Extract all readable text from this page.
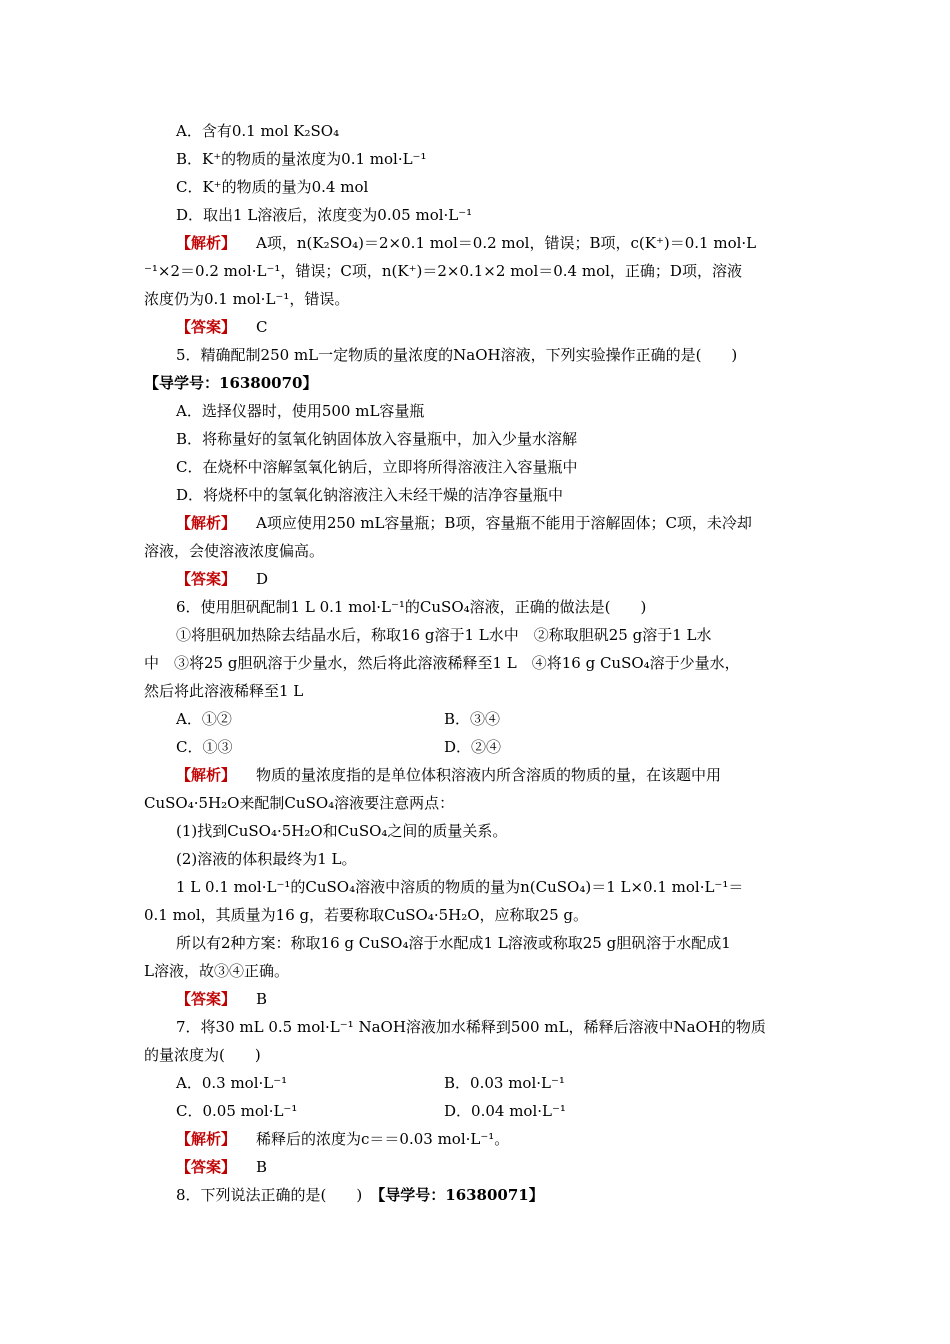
A．含有0.1 mol K₂SO₄
B．K⁺的物质的量浓度为0.1 mol·L⁻¹
C．K⁺的物质的量为0.4 mol
D．取出1 L溶液后，浓度变为0.05 mol·L⁻¹
【解析】 A项，n(K₂SO₄)＝2×0.1 mol＝0.2 mol，错误；B项，c(K⁺)＝0.1 mol·L
⁻¹×2＝0.2 mol·L⁻¹，错误；C项，n(K⁺)＝2×0.1×2 mol＝0.4 mol，正确；D项，溶液
浓度仍为0.1 mol·L⁻¹，错误。
【答案】 C
5．精确配制250 mL一定物质的量浓度的NaOH溶液，下列实验操作正确的是(　　)
【导学号：16380070】
A．选择仪器时，使用500 mL容量瓶
B．将称量好的氢氧化钠固体放入容量瓶中，加入少量水溶解
C．在烧杯中溶解氢氧化钠后，立即将所得溶液注入容量瓶中
D．将烧杯中的氢氧化钠溶液注入未经干燥的洁净容量瓶中
【解析】 A项应使用250 mL容量瓶；B项，容量瓶不能用于溶解固体；C项，未冷却
溶液，会使溶液浓度偏高。
【答案】 D
6．使用胆矾配制1 L 0.1 mol·L⁻¹的CuSO₄溶液，正确的做法是(　　)
①将胆矾加热除去结晶水后，称取16 g溶于1 L水中　②称取胆矾25 g溶于1 L水
中　③将25 g胆矾溶于少量水，然后将此溶液稀释至1 L　④将16 g CuSO₄溶于少量水，
然后将此溶液稀释至1 L
A．①②	B．③④
C．①③	D．②④
【解析】 物质的量浓度指的是单位体积溶液内所含溶质的物质的量，在该题中用
CuSO₄·5H₂O来配制CuSO₄溶液要注意两点：
(1)找到CuSO₄·5H₂O和CuSO₄之间的质量关系。
(2)溶液的体积最终为1 L。
1 L 0.1 mol·L⁻¹的CuSO₄溶液中溶质的物质的量为n(CuSO₄)＝1 L×0.1 mol·L⁻¹＝
0.1 mol，其质量为16 g，若要称取CuSO₄·5H₂O，应称取25 g。
所以有2种方案：称取16 g CuSO₄溶于水配成1 L溶液或称取25 g胆矾溶于水配成1
L溶液，故③④正确。
【答案】 B
7．将30 mL 0.5 mol·L⁻¹ NaOH溶液加水稀释到500 mL，稀释后溶液中NaOH的物质
的量浓度为(　　)
A．0.3 mol·L⁻¹	B．0.03 mol·L⁻¹
C．0.05 mol·L⁻¹	D．0.04 mol·L⁻¹
【解析】 稀释后的浓度为c＝＝0.03 mol·L⁻¹。
【答案】 B
8．下列说法正确的是(　　) 【导学号：16380071】
